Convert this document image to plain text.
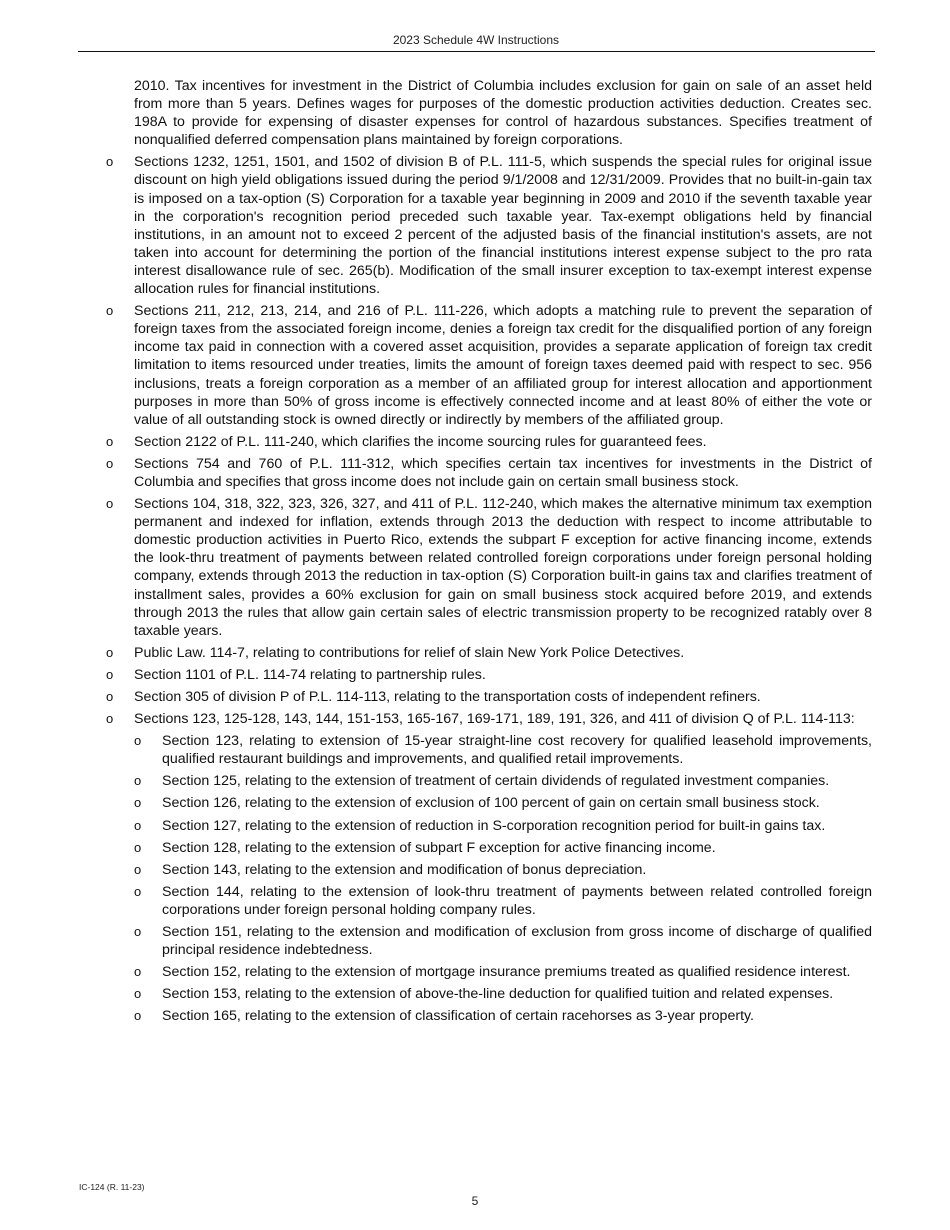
2023 Schedule 4W Instructions

2010. Tax incentives for investment in the District of Columbia includes exclusion for gain on sale of an asset held from more than 5 years. Defines wages for purposes of the domestic production activities deduction. Creates sec. 198A to provide for expensing of disaster expenses for control of hazardous substances. Specifies treatment of nonqualified deferred compensation plans maintained by foreign corporations.

o Sections 1232, 1251, 1501, and 1502 of division B of P.L. 111-5, which suspends the special rules for original issue discount on high yield obligations issued during the period 9/1/2008 and 12/31/2009. Provides that no built-in-gain tax is imposed on a tax-option (S) Corporation for a taxable year beginning in 2009 and 2010 if the seventh taxable year in the corporation's recognition period preceded such taxable year. Tax-exempt obligations held by financial institutions, in an amount not to exceed 2 percent of the adjusted basis of the financial institution's assets, are not taken into account for determining the portion of the financial institutions interest expense subject to the pro rata interest disallowance rule of sec. 265(b). Modification of the small insurer exception to tax-exempt interest expense allocation rules for financial institutions.
o Sections 211, 212, 213, 214, and 216 of P.L. 111-226, which adopts a matching rule to prevent the separation of foreign taxes from the associated foreign income, denies a foreign tax credit for the disqualified portion of any foreign income tax paid in connection with a covered asset acquisition, provides a separate application of foreign tax credit limitation to items resourced under treaties, limits the amount of foreign taxes deemed paid with respect to sec. 956 inclusions, treats a foreign corporation as a member of an affiliated group for interest allocation and apportionment purposes in more than 50% of gross income is effectively connected income and at least 80% of either the vote or value of all outstanding stock is owned directly or indirectly by members of the affiliated group.
o Section 2122 of P.L. 111-240, which clarifies the income sourcing rules for guaranteed fees.
o Sections 754 and 760 of P.L. 111-312, which specifies certain tax incentives for investments in the District of Columbia and specifies that gross income does not include gain on certain small business stock.
o Sections 104, 318, 322, 323, 326, 327, and 411 of P.L. 112-240, which makes the alternative minimum tax exemption permanent and indexed for inflation, extends through 2013 the deduction with respect to income attributable to domestic production activities in Puerto Rico, extends the subpart F exception for active financing income, extends the look-thru treatment of payments between related controlled foreign corporations under foreign personal holding company, extends through 2013 the reduction in tax-option (S) Corporation built-in gains tax and clarifies treatment of installment sales, provides a 60% exclusion for gain on small business stock acquired before 2019, and extends through 2013 the rules that allow gain certain sales of electric transmission property to be recognized ratably over 8 taxable years.
o Public Law. 114-7, relating to contributions for relief of slain New York Police Detectives.
o Section 1101 of P.L. 114-74 relating to partnership rules.
o Section 305 of division P of P.L. 114-113, relating to the transportation costs of independent refiners.
o Sections 123, 125-128, 143, 144, 151-153, 165-167, 169-171, 189, 191, 326, and 411 of division Q of P.L. 114-113:
o Section 123, relating to extension of 15-year straight-line cost recovery for qualified leasehold improvements, qualified restaurant buildings and improvements, and qualified retail improvements.
o Section 125, relating to the extension of treatment of certain dividends of regulated investment companies.
o Section 126, relating to the extension of exclusion of 100 percent of gain on certain small business stock.
o Section 127, relating to the extension of reduction in S-corporation recognition period for built-in gains tax.
o Section 128, relating to the extension of subpart F exception for active financing income.
o Section 143, relating to the extension and modification of bonus depreciation.
o Section 144, relating to the extension of look-thru treatment of payments between related controlled foreign corporations under foreign personal holding company rules.
o Section 151, relating to the extension and modification of exclusion from gross income of discharge of qualified principal residence indebtedness.
o Section 152, relating to the extension of mortgage insurance premiums treated as qualified residence interest.
o Section 153, relating to the extension of above-the-line deduction for qualified tuition and related expenses.
o Section 165, relating to the extension of classification of certain racehorses as 3-year property.
IC-124 (R. 11-23)
5
